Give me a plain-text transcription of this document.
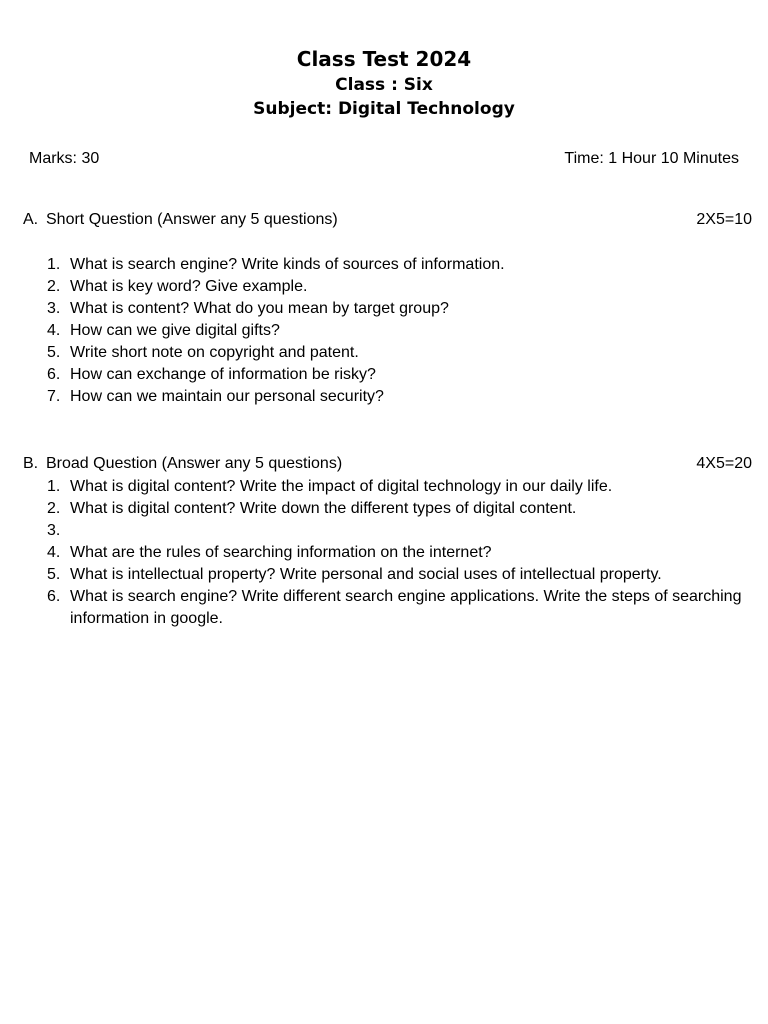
Class Test 2024
Class : Six
Subject: Digital Technology
Marks: 30	Time: 1 Hour 10 Minutes
A. Short Question (Answer any 5 questions)	2X5=10
1. What is search engine? Write kinds of sources of information.
2. What is key word? Give example.
3. What is content? What do you mean by target group?
4. How can we give digital gifts?
5. Write short note on copyright and patent.
6. How can exchange of information be risky?
7. How can we maintain our personal security?
B. Broad Question (Answer any 5 questions)	4X5=20
1. What is digital content? Write the impact of digital technology in our daily life.
2. What is digital content? Write down the different types of digital content.
3.
4. What are the rules of searching information on the internet?
5. What is intellectual property? Write personal and social uses of intellectual property.
6. What is search engine? Write different search engine applications. Write the steps of searching information in google.
